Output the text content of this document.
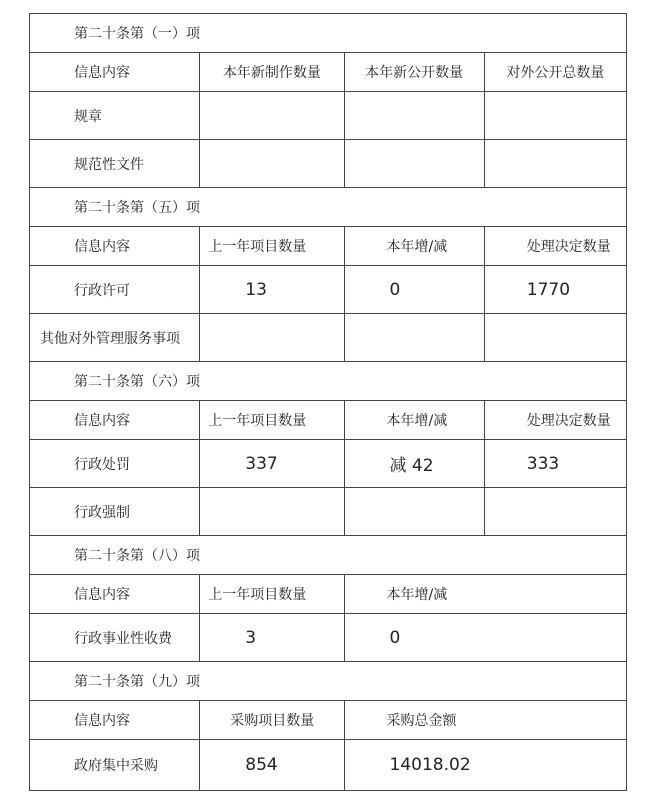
第二十条第（一）项			
信息内容	本年新制作数量	本年新公开数量	对外公开总数量
规章			
规范性文件			
第二十条第（五）项			
信息内容	上一年项目数量	本年增/减	处理决定数量
行政许可	13	0	1770
其他对外管理服务事项			
第二十条第（六）项			
信息内容	上一年项目数量	本年增/减	处理决定数量
行政处罚	337	减 42	333
行政强制			
第二十条第（八）项			
信息内容	上一年项目数量	本年增/减	
行政事业性收费	3	0	
第二十条第（九）项			
信息内容	采购项目数量	采购总金额	
政府集中采购	854	14018.02	
